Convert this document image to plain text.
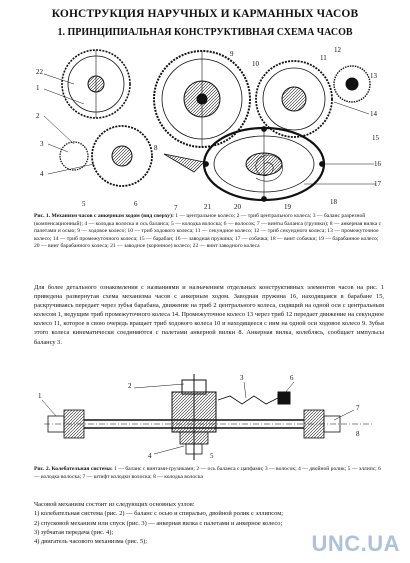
КОНСТРУКЦИЯ НАРУЧНЫХ И КАРМАННЫХ ЧАСОВ
1. ПРИНЦИПИАЛЬНАЯ КОНСТРУКТИВНАЯ СХЕМА ЧАСОВ
22
1
2
3
4
5	6	7
8
9
10
11
12
13
14
15
16
17
18
19
20
21
Рис. 1. Механизм часов с анкерным ходом (вид сверху): 1 — центральное колесо; 2 — триб центрального колеса; 3 — баланс разрезной (компенсационный); 4 — колодка волоска и ось баланса; 5 — колодка волоска; 6 — волосок; 7 — винты баланса (грузики); 8 — анкерная вилка с палетами и осью; 9 — ходовое колесо; 10 — триб ходового колеса; 11 — секундное колесо; 12 — триб секундного колеса; 13 — промежуточное колесо; 14 — триб промежуточного колеса; 15 — барабан; 16 — заводная пружина; 17 — собачка; 18 — винт собачки; 19 — барабанное колесо; 20 — винт барабанного колеса; 21 — заводное (коронное) колесо; 22 — винт заводного колеса
Для более детального ознакомления с названиями и назначением отдельных конструктивных элементов часов на рис. 1 приведена развернутая схема механизма часов с анкерным ходом. Заводная пружина 16, находящаяся в барабане 15, раскручиваясь передает через зубья барабана, движение на триб 2 центрального колеса, сидящий на одной оси с центральным колесом 1, ведущим триб промежуточного колеса 14. Промежуточное колесо 13 через триб 12 передает движение на секундное колесо 11, которое в свою очередь вращает триб ходового колеса 10 и находящееся с ним на одной оси ходовое колесо 9. Зубья этого колеса кинематически соединяются с палетами анкерной вилки 8. Анкерная вилка, колеблясь, сообщает импульсы балансу 3.
1
2
3
4	5
6
7
8
Рис. 2. Колебательная система: 1 — баланс с винтами-грузиками; 2 — ось баланса с цапфами; 3 — волосок; 4 — двойной ролик; 5 — эллипс; 6 — колодка волоска; 7 — штифт колодки волоска; 8 — колодка волоска
Часовой механизм состоит из следующих основных узлов:
1) колебательная система (рис. 2) — баланс с осью и спиралью, двойной ролик с эллипсом;
2) спусковой механизм или спуск (рис. 3) — анкерная вилка с палетами и анкерное колесо;
3) зубчатая передача (рис. 4);
4) двигатель часового механизма (рис. 5);	UNC.UA
